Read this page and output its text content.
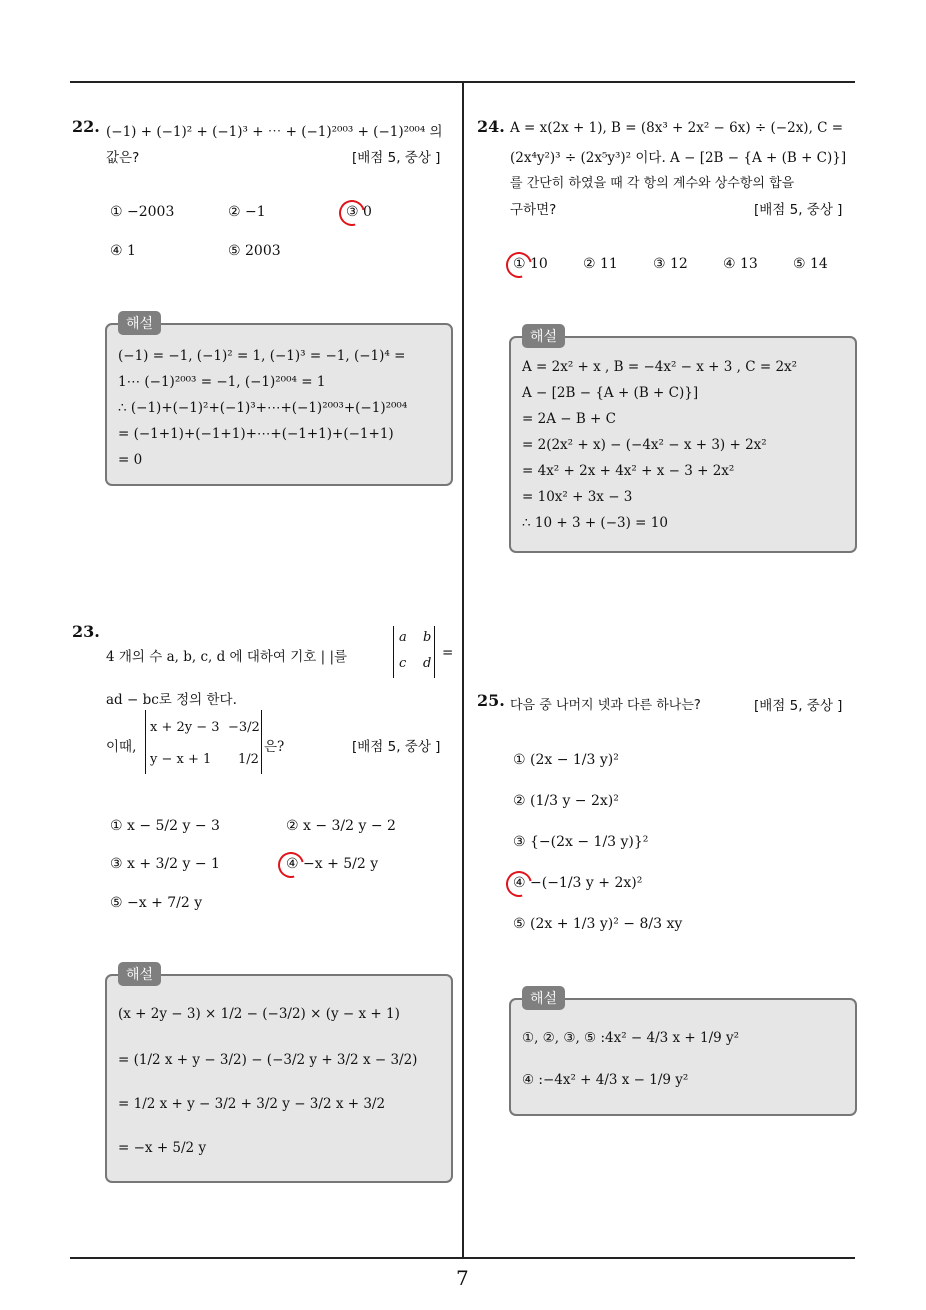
7
22. (−1) + (−1)² + (−1)³ + ⋯ + (−1)²⁰⁰³ + (−1)²⁰⁰⁴ 의
값은?	[배점 5, 중상 ]
① −2003	② −1	③ 0
④ 1	⑤ 2003
해설
(−1) = −1, (−1)² = 1, (−1)³ = −1, (−1)⁴ =
1⋯ (−1)²⁰⁰³ = −1, (−1)²⁰⁰⁴ = 1
∴ (−1)+(−1)²+(−1)³+⋯+(−1)²⁰⁰³+(−1)²⁰⁰⁴
= (−1+1)+(−1+1)+⋯+(−1+1)+(−1+1)
= 0
23.
4 개의 수 a, b, c, d 에 대하여 기호 | |를
a b
c d
=
ad − bc로 정의 한다.
이때,
x + 2y − 3 −3/2
y − x + 1 1/2
은?	[배점 5, 중상 ]
① x − 5/2 y − 3	② x − 3/2 y − 2
③ x + 3/2 y − 1	④ −x + 5/2 y
⑤ −x + 7/2 y
해설
(x + 2y − 3) × 1/2 − (−3/2) × (y − x + 1)
= (1/2 x + y − 3/2) − (−3/2 y + 3/2 x − 3/2)
= 1/2 x + y − 3/2 + 3/2 y − 3/2 x + 3/2
= −x + 5/2 y
24. A = x(2x + 1), B = (8x³ + 2x² − 6x) ÷ (−2x), C =
(2x⁴y²)³ ÷ (2x⁵y³)² 이다. A − [2B − {A + (B + C)}]
를 간단히 하였을 때 각 항의 계수와 상수항의 합을
구하면?	[배점 5, 중상 ]
① 10	② 11	③ 12	④ 13	⑤ 14
해설
A = 2x² + x , B = −4x² − x + 3 , C = 2x²
A − [2B − {A + (B + C)}]
= 2A − B + C
= 2(2x² + x) − (−4x² − x + 3) + 2x²
= 4x² + 2x + 4x² + x − 3 + 2x²
= 10x² + 3x − 3
∴ 10 + 3 + (−3) = 10
25. 다음 중 나머지 넷과 다른 하나는?	[배점 5, 중상 ]
① (2x − 1/3 y)²
② (1/3 y − 2x)²
③ {−(2x − 1/3 y)}²
④ −(−1/3 y + 2x)²
⑤ (2x + 1/3 y)² − 8/3 xy
해설
①, ②, ③, ⑤ :4x² − 4/3 x + 1/9 y²
④ :−4x² + 4/3 x − 1/9 y²
